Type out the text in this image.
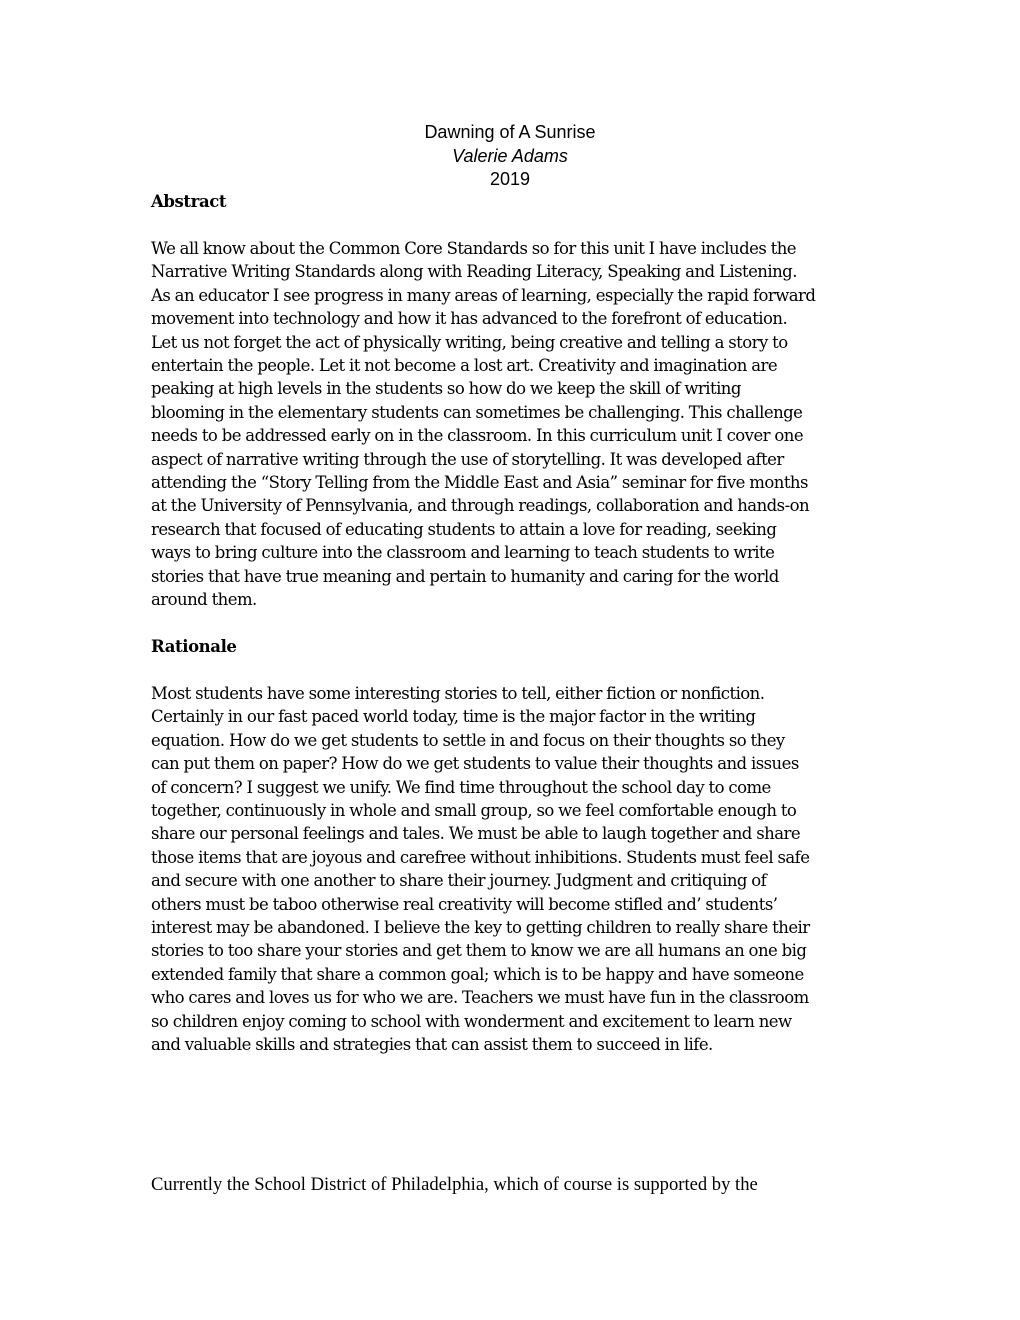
Dawning of A Sunrise
Valerie Adams
2019
Abstract
We all know about the Common Core Standards so for this unit I have includes the
Narrative Writing Standards along with Reading Literacy, Speaking and Listening.
As an educator I see progress in many areas of learning, especially the rapid forward
movement into technology and how it has advanced to the forefront of education.
Let us not forget the act of physically writing, being creative and telling a story to
entertain the people. Let it not become a lost art. Creativity and imagination are
peaking at high levels in the students so how do we keep the skill of writing
blooming in the elementary students can sometimes be challenging. This challenge
needs to be addressed early on in the classroom. In this curriculum unit I cover one
aspect of narrative writing through the use of storytelling. It was developed after
attending the “Story Telling from the Middle East and Asia” seminar for five months
at the University of Pennsylvania, and through readings, collaboration and hands-on
research that focused of educating students to attain a love for reading, seeking
ways to bring culture into the classroom and learning to teach students to write
stories that have true meaning and pertain to humanity and caring for the world
around them.
Rationale
Most students have some interesting stories to tell, either fiction or nonfiction.
Certainly in our fast paced world today, time is the major factor in the writing
equation. How do we get students to settle in and focus on their thoughts so they
can put them on paper? How do we get students to value their thoughts and issues
of concern? I suggest we unify. We find time throughout the school day to come
together, continuously in whole and small group, so we feel comfortable enough to
share our personal feelings and tales. We must be able to laugh together and share
those items that are joyous and carefree without inhibitions. Students must feel safe
and secure with one another to share their journey. Judgment and critiquing of
others must be taboo otherwise real creativity will become stifled and’ students’
interest may be abandoned. I believe the key to getting children to really share their
stories to too share your stories and get them to know we are all humans an one big
extended family that share a common goal; which is to be happy and have someone
who cares and loves us for who we are. Teachers we must have fun in the classroom
so children enjoy coming to school with wonderment and excitement to learn new
and valuable skills and strategies that can assist them to succeed in life.
Currently the School District of Philadelphia, which of course is supported by the
